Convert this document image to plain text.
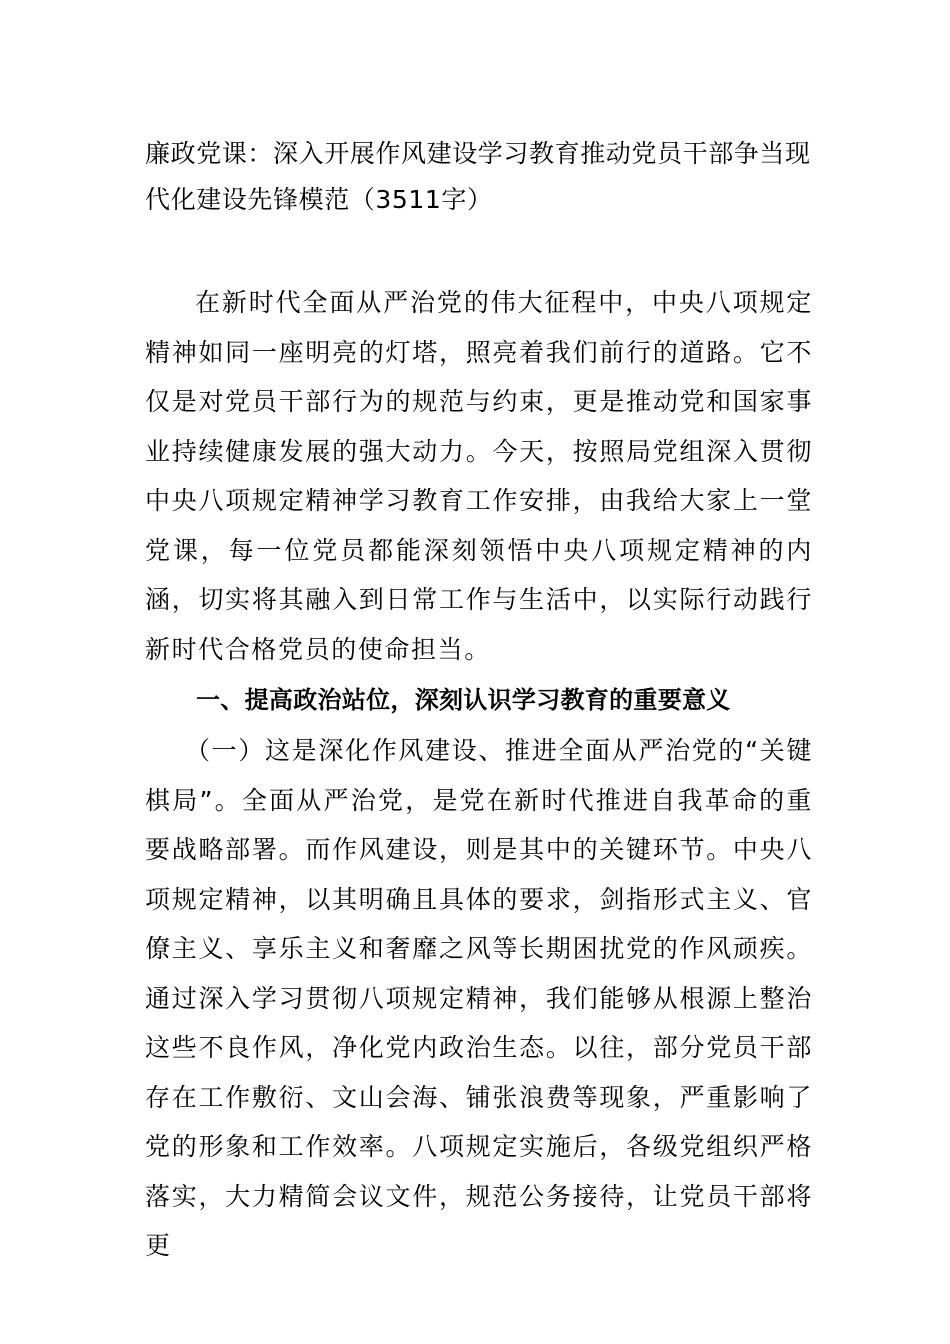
廉政党课：深入开展作风建设学习教育推动党员干部争当现代化建设先锋模范（3511字）

在新时代全面从严治党的伟大征程中，中央八项规定精神如同一座明亮的灯塔，照亮着我们前行的道路。它不仅是对党员干部行为的规范与约束，更是推动党和国家事业持续健康发展的强大动力。今天，按照局党组深入贯彻中央八项规定精神学习教育工作安排，由我给大家上一堂党课，每一位党员都能深刻领悟中央八项规定精神的内涵，切实将其融入到日常工作与生活中，以实际行动践行新时代合格党员的使命担当。

一、提高政治站位，深刻认识学习教育的重要意义

（一）这是深化作风建设、推进全面从严治党的“关键棋局”。全面从严治党，是党在新时代推进自我革命的重要战略部署。而作风建设，则是其中的关键环节。中央八项规定精神，以其明确且具体的要求，剑指形式主义、官僚主义、享乐主义和奢靡之风等长期困扰党的作风顽疾。通过深入学习贯彻八项规定精神，我们能够从根源上整治这些不良作风，净化党内政治生态。以往，部分党员干部存在工作敷衍、文山会海、铺张浪费等现象，严重影响了党的形象和工作效率。八项规定实施后，各级党组织严格落实，大力精简会议文件，规范公务接待，让党员干部将更
